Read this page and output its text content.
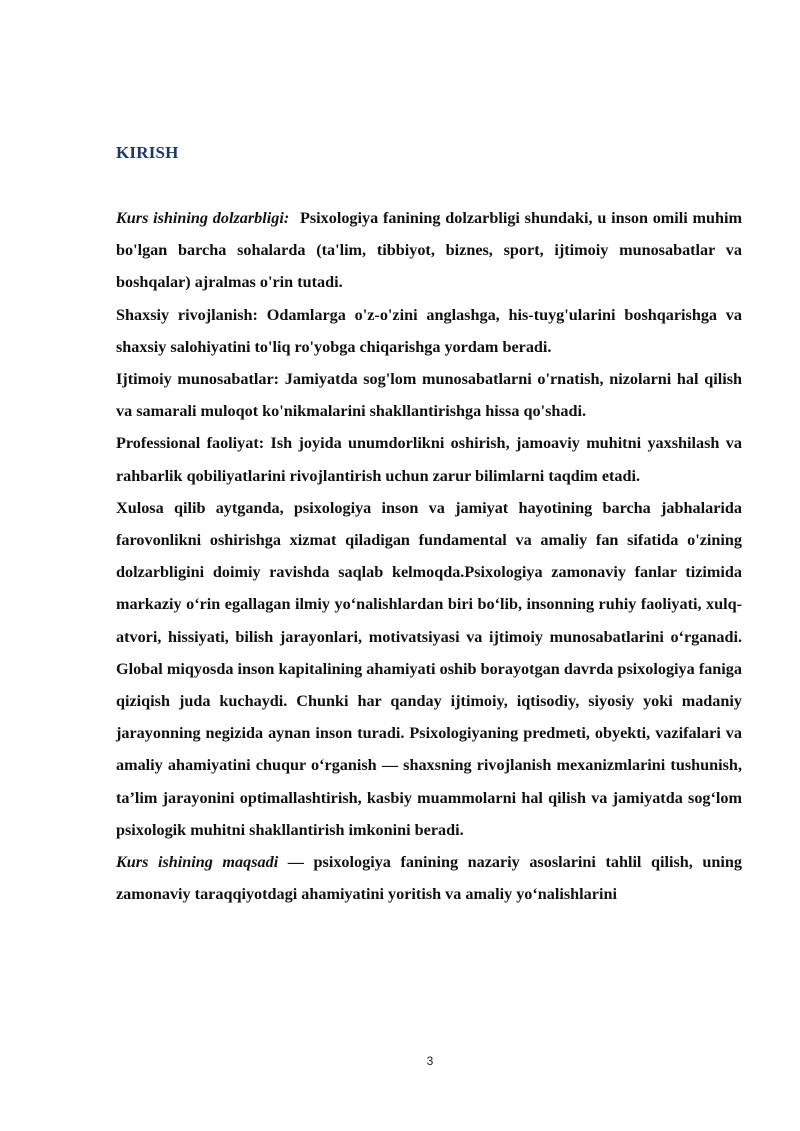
KIRISH

Kurs ishining dolzarbligi: Psixologiya fanining dolzarbligi shundaki, u inson omili muhim bo'lgan barcha sohalarda (ta'lim, tibbiyot, biznes, sport, ijtimoiy munosabatlar va boshqalar) ajralmas o'rin tutadi.

Shaxsiy rivojlanish: Odamlarga o'z-o'zini anglashga, his-tuyg'ularini boshqarishga va shaxsiy salohiyatini to'liq ro'yobga chiqarishga yordam beradi.

Ijtimoiy munosabatlar: Jamiyatda sog'lom munosabatlarni o'rnatish, nizolarni hal qilish va samarali muloqot ko'nikmalarini shakllantirishga hissa qo'shadi.

Professional faoliyat: Ish joyida unumdorlikni oshirish, jamoaviy muhitni yaxshilash va rahbarlik qobiliyatlarini rivojlantirish uchun zarur bilimlarni taqdim etadi.

Xulosa qilib aytganda, psixologiya inson va jamiyat hayotining barcha jabhalarida farovonlikni oshirishga xizmat qiladigan fundamental va amaliy fan sifatida o'zining dolzarbligini doimiy ravishda saqlab kelmoqda.Psixologiya zamonaviy fanlar tizimida markaziy o‘rin egallagan ilmiy yo‘nalishlardan biri bo‘lib, insonning ruhiy faoliyati, xulq-atvori, hissiyati, bilish jarayonlari, motivatsiyasi va ijtimoiy munosabatlarini o‘rganadi. Global miqyosda inson kapitalining ahamiyati oshib borayotgan davrda psixologiya faniga qiziqish juda kuchaydi. Chunki har qanday ijtimoiy, iqtisodiy, siyosiy yoki madaniy jarayonning negizida aynan inson turadi. Psixologiyaning predmeti, obyekti, vazifalari va amaliy ahamiyatini chuqur o‘rganish — shaxsning rivojlanish mexanizmlarini tushunish, ta’lim jarayonini optimallashtirish, kasbiy muammolarni hal qilish va jamiyatda sog‘lom psixologik muhitni shakllantirish imkonini beradi.

Kurs ishining maqsadi — psixologiya fanining nazariy asoslarini tahlil qilish, uning zamonaviy taraqqiyotdagi ahamiyatini yoritish va amaliy yo‘nalishlarini

3
